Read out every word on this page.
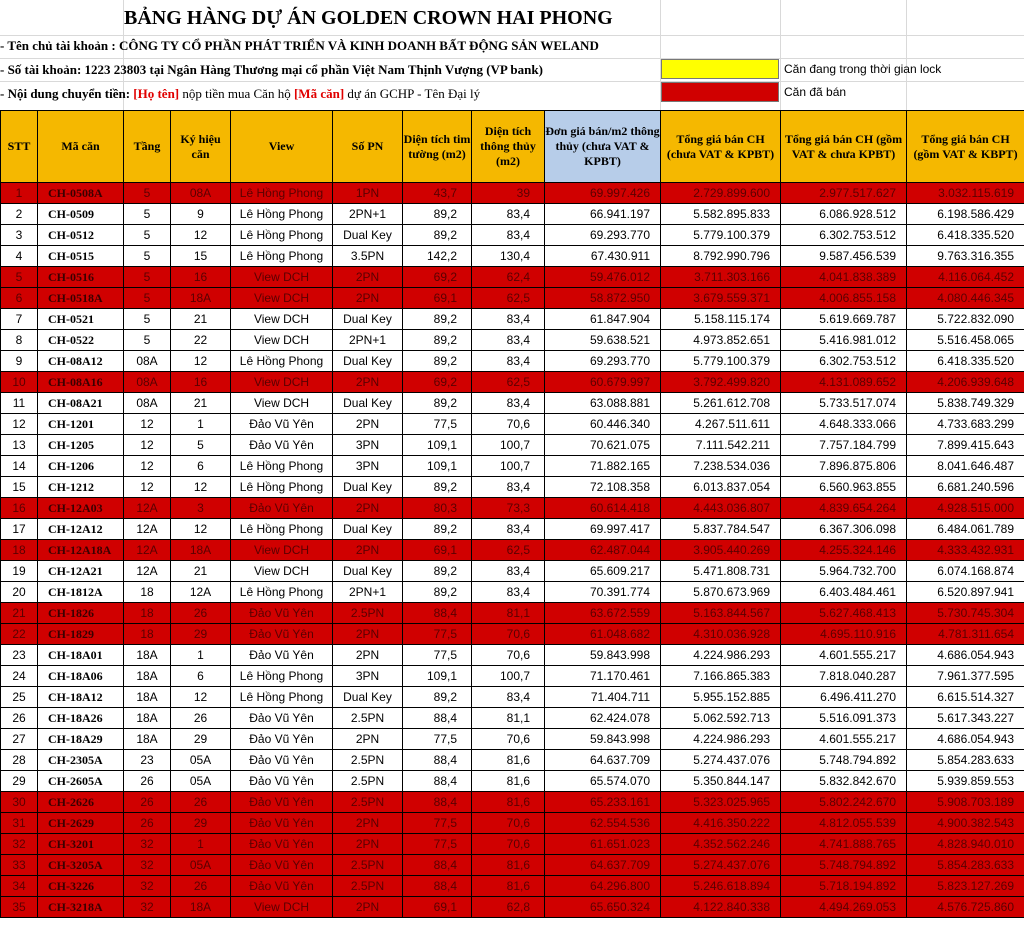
BẢNG HÀNG DỰ ÁN GOLDEN CROWN HAI PHONG
- Tên chủ tài khoản : CÔNG TY CỔ PHẦN PHÁT TRIỂN VÀ KINH DOANH BẤT ĐỘNG SẢN WELAND
- Số tài khoản: 1223 23803 tại Ngân Hàng Thương mại cổ phần Việt Nam Thịnh Vượng (VP bank)
- Nội dung chuyển tiền: [Họ tên] nộp tiền mua Căn hộ [Mã căn] dự án GCHP - Tên Đại lý
Căn đang trong thời gian lock
Căn đã bán
STT	Mã căn	Tầng	Ký hiệu căn	View	Số PN	Diện tích tim tường (m2)	Diện tích thông thủy (m2)	Đơn giá bán/m2 thông thủy (chưa VAT & KPBT)	Tổng giá bán CH (chưa VAT & KPBT)	Tổng giá bán CH (gồm VAT & chưa KPBT)	Tổng giá bán CH (gồm VAT & KBPT)
1	CH-0508A	5	08A	Lê Hồng Phong	1PN	43,7	39	69.997.426	2.729.899.600	2.977.517.627	3.032.115.619
2	CH-0509	5	9	Lê Hồng Phong	2PN+1	89,2	83,4	66.941.197	5.582.895.833	6.086.928.512	6.198.586.429
3	CH-0512	5	12	Lê Hồng Phong	Dual Key	89,2	83,4	69.293.770	5.779.100.379	6.302.753.512	6.418.335.520
4	CH-0515	5	15	Lê Hồng Phong	3.5PN	142,2	130,4	67.430.911	8.792.990.796	9.587.456.539	9.763.316.355
5	CH-0516	5	16	View DCH	2PN	69,2	62,4	59.476.012	3.711.303.166	4.041.838.389	4.116.064.452
6	CH-0518A	5	18A	View DCH	2PN	69,1	62,5	58.872.950	3.679.559.371	4.006.855.158	4.080.446.345
7	CH-0521	5	21	View DCH	Dual Key	89,2	83,4	61.847.904	5.158.115.174	5.619.669.787	5.722.832.090
8	CH-0522	5	22	View DCH	2PN+1	89,2	83,4	59.638.521	4.973.852.651	5.416.981.012	5.516.458.065
9	CH-08A12	08A	12	Lê Hồng Phong	Dual Key	89,2	83,4	69.293.770	5.779.100.379	6.302.753.512	6.418.335.520
10	CH-08A16	08A	16	View DCH	2PN	69,2	62,5	60.679.997	3.792.499.820	4.131.089.652	4.206.939.648
11	CH-08A21	08A	21	View DCH	Dual Key	89,2	83,4	63.088.881	5.261.612.708	5.733.517.074	5.838.749.329
12	CH-1201	12	1	Đảo Vũ Yên	2PN	77,5	70,6	60.446.340	4.267.511.611	4.648.333.066	4.733.683.299
13	CH-1205	12	5	Đảo Vũ Yên	3PN	109,1	100,7	70.621.075	7.111.542.211	7.757.184.799	7.899.415.643
14	CH-1206	12	6	Lê Hồng Phong	3PN	109,1	100,7	71.882.165	7.238.534.036	7.896.875.806	8.041.646.487
15	CH-1212	12	12	Lê Hồng Phong	Dual Key	89,2	83,4	72.108.358	6.013.837.054	6.560.963.855	6.681.240.596
16	CH-12A03	12A	3	Đảo Vũ Yên	2PN	80,3	73,3	60.614.418	4.443.036.807	4.839.654.264	4.928.515.000
17	CH-12A12	12A	12	Lê Hồng Phong	Dual Key	89,2	83,4	69.997.417	5.837.784.547	6.367.306.098	6.484.061.789
18	CH-12A18A	12A	18A	View DCH	2PN	69,1	62,5	62.487.044	3.905.440.269	4.255.324.146	4.333.432.931
19	CH-12A21	12A	21	View DCH	Dual Key	89,2	83,4	65.609.217	5.471.808.731	5.964.732.700	6.074.168.874
20	CH-1812A	18	12A	Lê Hồng Phong	2PN+1	89,2	83,4	70.391.774	5.870.673.969	6.403.484.461	6.520.897.941
21	CH-1826	18	26	Đảo Vũ Yên	2.5PN	88,4	81,1	63.672.559	5.163.844.567	5.627.468.413	5.730.745.304
22	CH-1829	18	29	Đảo Vũ Yên	2PN	77,5	70,6	61.048.682	4.310.036.928	4.695.110.916	4.781.311.654
23	CH-18A01	18A	1	Đảo Vũ Yên	2PN	77,5	70,6	59.843.998	4.224.986.293	4.601.555.217	4.686.054.943
24	CH-18A06	18A	6	Lê Hồng Phong	3PN	109,1	100,7	71.170.461	7.166.865.383	7.818.040.287	7.961.377.595
25	CH-18A12	18A	12	Lê Hồng Phong	Dual Key	89,2	83,4	71.404.711	5.955.152.885	6.496.411.270	6.615.514.327
26	CH-18A26	18A	26	Đảo Vũ Yên	2.5PN	88,4	81,1	62.424.078	5.062.592.713	5.516.091.373	5.617.343.227
27	CH-18A29	18A	29	Đảo Vũ Yên	2PN	77,5	70,6	59.843.998	4.224.986.293	4.601.555.217	4.686.054.943
28	CH-2305A	23	05A	Đảo Vũ Yên	2.5PN	88,4	81,6	64.637.709	5.274.437.076	5.748.794.892	5.854.283.633
29	CH-2605A	26	05A	Đảo Vũ Yên	2.5PN	88,4	81,6	65.574.070	5.350.844.147	5.832.842.670	5.939.859.553
30	CH-2626	26	26	Đảo Vũ Yên	2.5PN	88,4	81,6	65.233.161	5.323.025.965	5.802.242.670	5.908.703.189
31	CH-2629	26	29	Đảo Vũ Yên	2PN	77,5	70,6	62.554.536	4.416.350.222	4.812.055.539	4.900.382.543
32	CH-3201	32	1	Đảo Vũ Yên	2PN	77,5	70,6	61.651.023	4.352.562.246	4.741.888.765	4.828.940.010
33	CH-3205A	32	05A	Đảo Vũ Yên	2.5PN	88,4	81,6	64.637.709	5.274.437.076	5.748.794.892	5.854.283.633
34	CH-3226	32	26	Đảo Vũ Yên	2.5PN	88,4	81,6	64.296.800	5.246.618.894	5.718.194.892	5.823.127.269
35	CH-3218A	32	18A	View DCH	2PN	69,1	62,8	65.650.324	4.122.840.338	4.494.269.053	4.576.725.860
